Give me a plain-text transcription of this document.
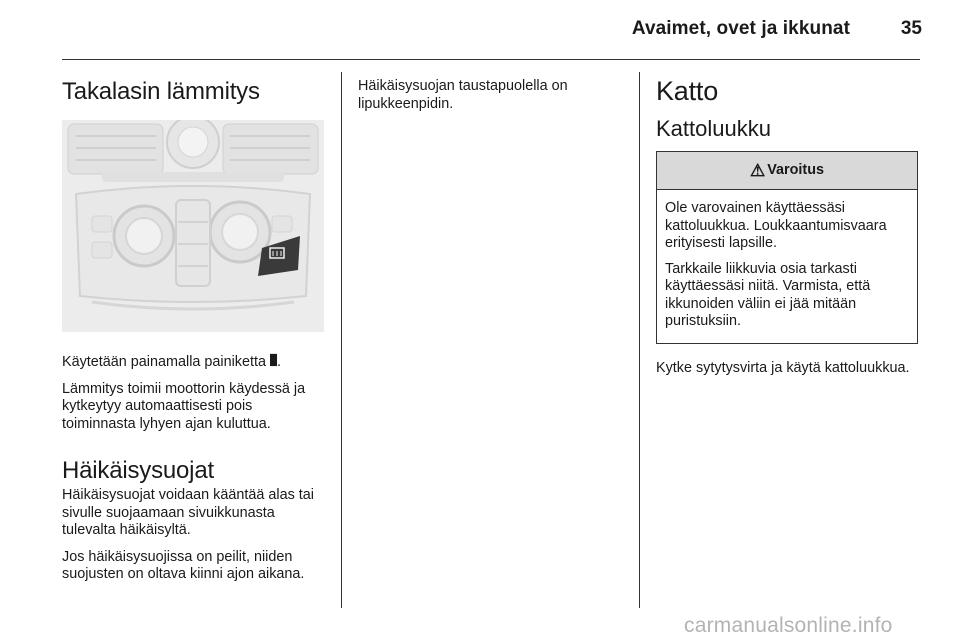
Avaimet, ovet ja ikkunat	35
Takalasin lämmitys

Käytetään painamalla painiketta 🮆.

Lämmitys toimii moottorin käydessä ja kytkeytyy automaattisesti pois toiminnasta lyhyen ajan kuluttua.

Häikäisysuojat

Häikäisysuojat voidaan kääntää alas tai sivulle suojaamaan sivuikkunasta tulevalta häikäisyltä.

Jos häikäisysuojissa on peilit, niiden suojusten on oltava kiinni ajon aikana.

Häikäisysuojan taustapuolella on lipukkeenpidin.	Katto
Kattoluukku
⚠ Varoitus

Ole varovainen käyttäessäsi kattoluukkua. Loukkaantumisvaara erityisesti lapsille.

Tarkkaile liikkuvia osia tarkasti käyttäessäsi niitä. Varmista, että ikkunoiden väliin ei jää mitään puristuksiin.

Kytke sytytysvirta ja käytä kattoluukkua.

carmanualsonline.info
